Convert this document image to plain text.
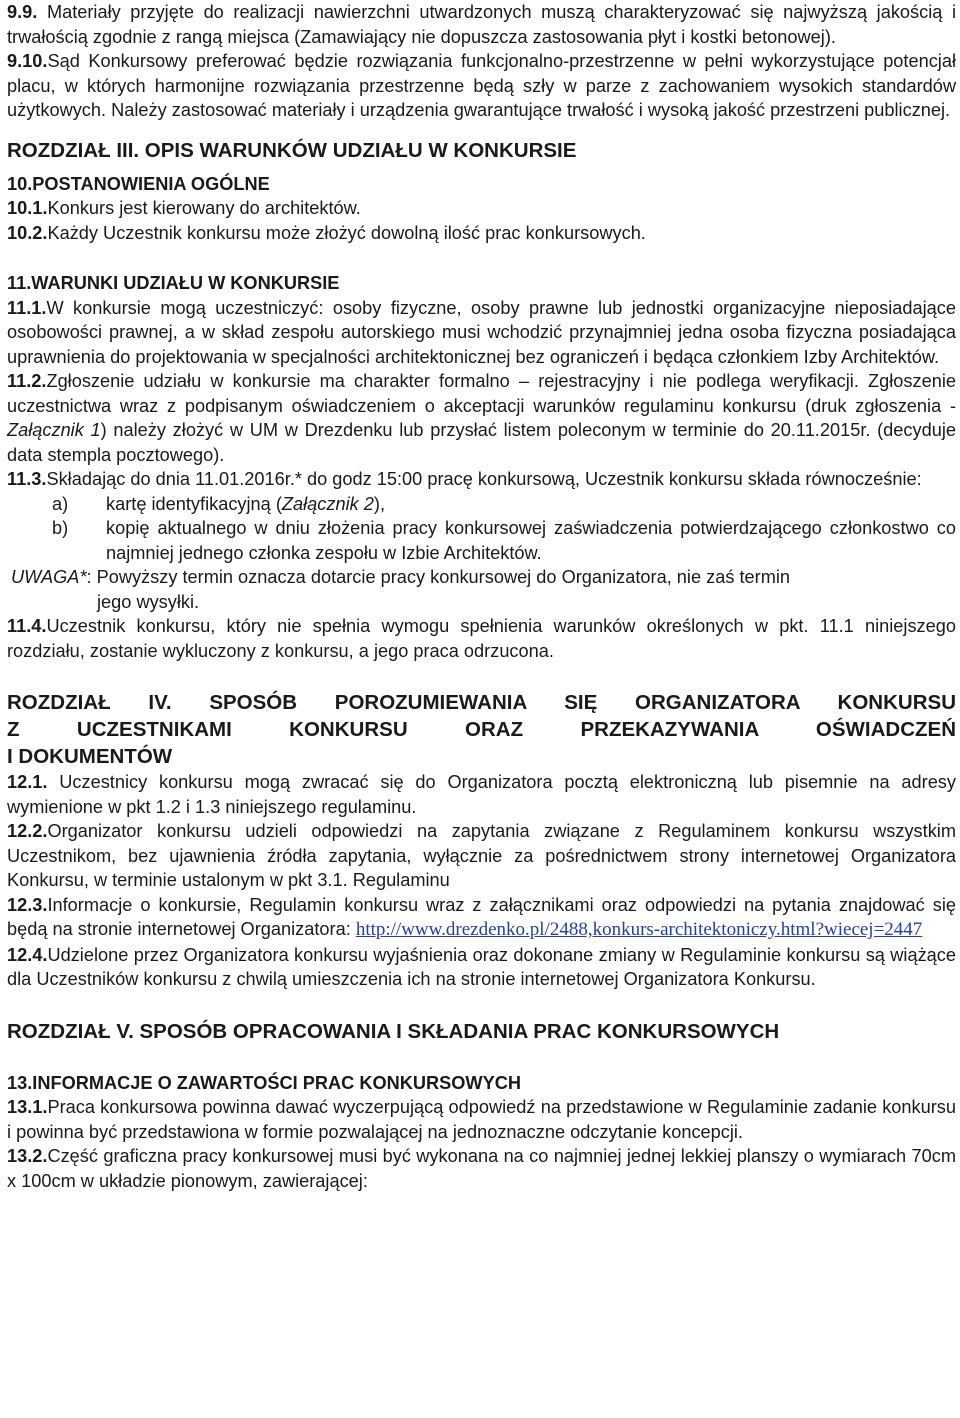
9.9. Materiały przyjęte do realizacji nawierzchni utwardzonych muszą charakteryzować się najwyższą jakością i trwałością zgodnie z rangą miejsca (Zamawiający nie dopuszcza zastosowania płyt i kostki betonowej).

9.10.Sąd Konkursowy preferować będzie rozwiązania funkcjonalno-przestrzenne w pełni wykorzystujące potencjał placu, w których harmonijne rozwiązania przestrzenne będą szły w parze z zachowaniem wysokich standardów użytkowych. Należy zastosować materiały i urządzenia gwarantujące trwałość i wysoką jakość przestrzeni publicznej.

ROZDZIAŁ III. OPIS WARUNKÓW UDZIAŁU W KONKURSIE

10.POSTANOWIENIA OGÓLNE

10.1.Konkurs jest kierowany do architektów.

10.2.Każdy Uczestnik konkursu może złożyć dowolną ilość prac konkursowych.

11.WARUNKI UDZIAŁU W KONKURSIE

11.1.W konkursie mogą uczestniczyć: osoby fizyczne, osoby prawne lub jednostki organizacyjne nieposiadające osobowości prawnej, a w skład zespołu autorskiego musi wchodzić przynajmniej jedna osoba fizyczna posiadająca uprawnienia do projektowania w specjalności architektonicznej bez ograniczeń i będąca członkiem Izby Architektów.

11.2.Zgłoszenie udziału w konkursie ma charakter formalno – rejestracyjny i nie podlega weryfikacji. Zgłoszenie uczestnictwa wraz z podpisanym oświadczeniem o akceptacji warunków regulaminu konkursu (druk zgłoszenia - Załącznik 1) należy złożyć w UM w Drezdenku lub przysłać listem poleconym w terminie do 20.11.2015r. (decyduje data stempla pocztowego).

11.3.Składając do dnia 11.01.2016r.* do godz 15:00 pracę konkursową, Uczestnik konkursu składa równocześnie:

a)	kartę identyfikacyjną (Załącznik 2),
b)	kopię aktualnego w dniu złożenia pracy konkursowej zaświadczenia potwierdzającego członkostwo co najmniej jednego członka zespołu w Izbie Architektów.

UWAGA*: Powyższy termin oznacza dotarcie pracy konkursowej do Organizatora, nie zaś termin

jego wysyłki.

11.4.Uczestnik konkursu, który nie spełnia wymogu spełnienia warunków określonych w pkt. 11.1 niniejszego rozdziału, zostanie wykluczony z konkursu, a jego praca odrzucona.

ROZDZIAŁ IV. SPOSÓB POROZUMIEWANIA SIĘ ORGANIZATORA KONKURSU

Z UCZESTNIKAMI KONKURSU ORAZ PRZEKAZYWANIA OŚWIADCZEŃ

I DOKUMENTÓW

12.1. Uczestnicy konkursu mogą zwracać się do Organizatora pocztą elektroniczną lub pisemnie na adresy wymienione w pkt 1.2 i 1.3 niniejszego regulaminu.

12.2.Organizator konkursu udzieli odpowiedzi na zapytania związane z Regulaminem konkursu wszystkim Uczestnikom, bez ujawnienia źródła zapytania, wyłącznie za pośrednictwem strony internetowej Organizatora Konkursu, w terminie ustalonym w pkt 3.1. Regulaminu

12.3.Informacje o konkursie, Regulamin konkursu wraz z załącznikami oraz odpowiedzi na pytania znajdować się będą na stronie internetowej Organizatora: http://www.drezdenko.pl/2488,konkurs-architektoniczy.html?wiecej=2447

12.4.Udzielone przez Organizatora konkursu wyjaśnienia oraz dokonane zmiany w Regulaminie konkursu są wiążące dla Uczestników konkursu z chwilą umieszczenia ich na stronie internetowej Organizatora Konkursu.

ROZDZIAŁ V. SPOSÓB OPRACOWANIA I SKŁADANIA PRAC KONKURSOWYCH

13.INFORMACJE O ZAWARTOŚCI PRAC KONKURSOWYCH

13.1.Praca konkursowa powinna dawać wyczerpującą odpowiedź na przedstawione w Regulaminie zadanie konkursu i powinna być przedstawiona w formie pozwalającej na jednoznaczne odczytanie koncepcji.

13.2.Część graficzna pracy konkursowej musi być wykonana na co najmniej jednej lekkiej planszy o wymiarach 70cm x 100cm w układzie pionowym, zawierającej:
